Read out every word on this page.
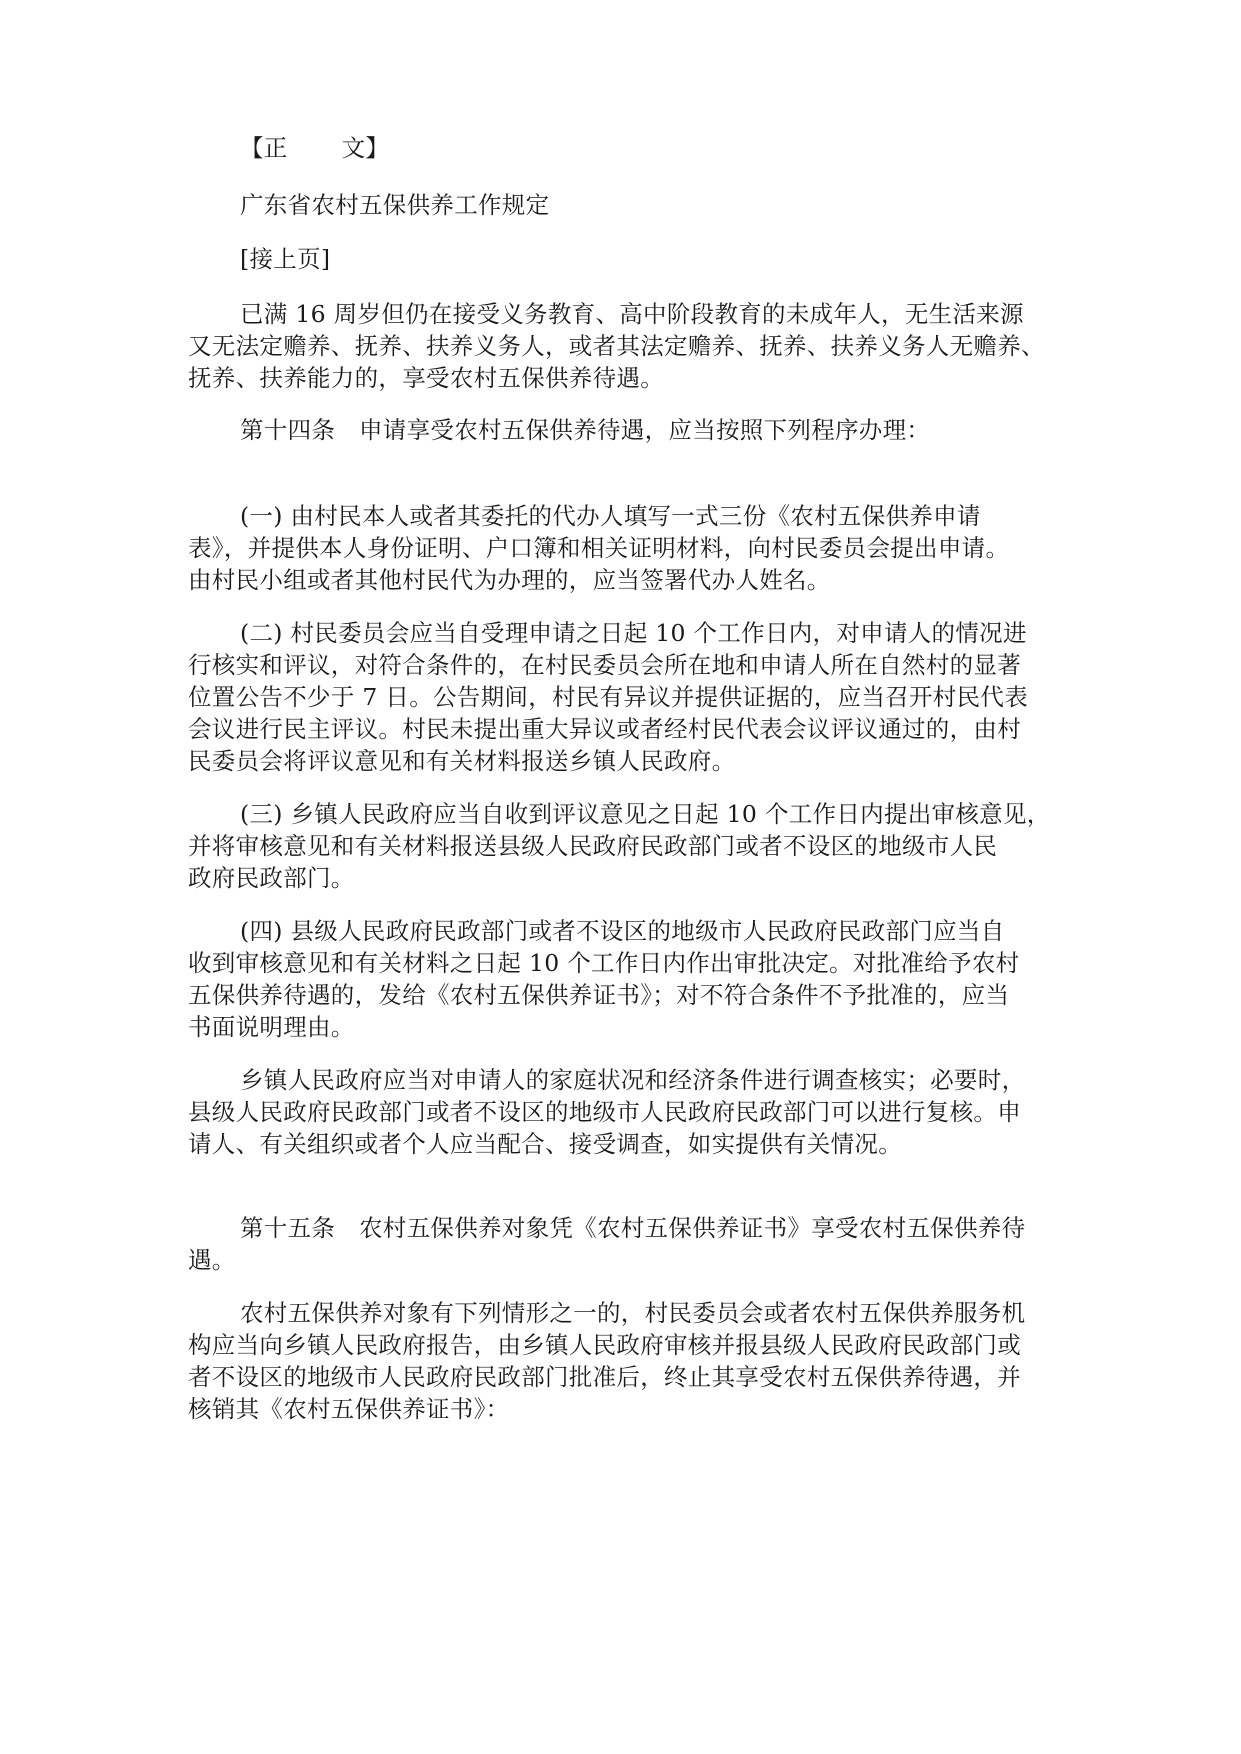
【正 文】
广东省农村五保供养工作规定
[接上页]
已满 16 周岁但仍在接受义务教育、高中阶段教育的未成年人，无生活来源
又无法定赡养、抚养、扶养义务人，或者其法定赡养、抚养、扶养义务人无赡养、
抚养、扶养能力的，享受农村五保供养待遇。
第十四条　申请享受农村五保供养待遇，应当按照下列程序办理：
(一) 由村民本人或者其委托的代办人填写一式三份《农村五保供养申请
表》，并提供本人身份证明、户口簿和相关证明材料，向村民委员会提出申请。
由村民小组或者其他村民代为办理的，应当签署代办人姓名。
(二) 村民委员会应当自受理申请之日起 10 个工作日内，对申请人的情况进
行核实和评议，对符合条件的，在村民委员会所在地和申请人所在自然村的显著
位置公告不少于 7 日。公告期间，村民有异议并提供证据的，应当召开村民代表
会议进行民主评议。村民未提出重大异议或者经村民代表会议评议通过的，由村
民委员会将评议意见和有关材料报送乡镇人民政府。
(三) 乡镇人民政府应当自收到评议意见之日起 10 个工作日内提出审核意见，
并将审核意见和有关材料报送县级人民政府民政部门或者不设区的地级市人民
政府民政部门。
(四) 县级人民政府民政部门或者不设区的地级市人民政府民政部门应当自
收到审核意见和有关材料之日起 10 个工作日内作出审批决定。对批准给予农村
五保供养待遇的，发给《农村五保供养证书》；对不符合条件不予批准的，应当
书面说明理由。
乡镇人民政府应当对申请人的家庭状况和经济条件进行调查核实；必要时，
县级人民政府民政部门或者不设区的地级市人民政府民政部门可以进行复核。申
请人、有关组织或者个人应当配合、接受调查，如实提供有关情况。
第十五条　农村五保供养对象凭《农村五保供养证书》享受农村五保供养待
遇。
农村五保供养对象有下列情形之一的，村民委员会或者农村五保供养服务机
构应当向乡镇人民政府报告，由乡镇人民政府审核并报县级人民政府民政部门或
者不设区的地级市人民政府民政部门批准后，终止其享受农村五保供养待遇，并
核销其《农村五保供养证书》：
